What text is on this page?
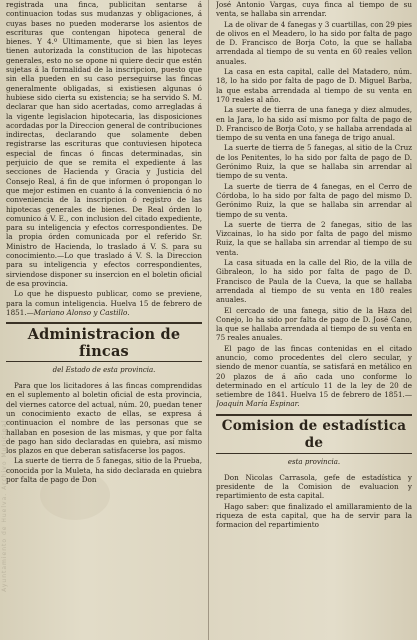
Ayuntamiento de Huelva. Archivo Municipal

registrada una finca, publicitan sentarse á continuacion todas sus mudanzas y obligaciones, á cuyas bases no pueden moderarse los asientos de escrituras que contengan hipoteca general de bienes. Y 4.º Ultimamente, que si bien las leyes tienen autorizada la constitucion de las hipotecas generales, esto no se opone ni quiere decir que estén sujetas á la formalidad de la inscripcion, puesto que sin ella pueden en su caso perseguirse las fincas generalmente obligadas, si existiesen algunas ó hubiese sido cierta su existencia; se ha servido S. M. declarar que han sido acertadas, como arregladas á la vigente legislacion hipotecaria, las disposiciones acordadas por la Direccion general de contribuciones indirectas, declarando que solamente deben registrarse las escrituras que contuviesen hipoteca especial de fincas ó fincas determinadas, sin perjuicio de que se remita el expediente á las secciones de Hacienda y Gracia y Justicia del Consejo Real, á fin de que informen ó propongan lo que mejor estimen en cuanto á la conveniencia ó no conveniencia de la inscripcion ó registro de las hipotecas generales de bienes. De Real órden lo comunico á V. E., con inclusion del citado expediente, para su inteligencia y efectos correspondientes. De la propia órden comunicada por el referido Sr. Ministro de Hacienda, lo traslado á V. S. para su conocimiento.—Lo que traslado á V. S. la Direccion para su inteligencia y efectos correspondientes, sirviendose disponer su insercion en el boletin oficial de esa provincia.

Lo que he dispuesto publicar, como se previene, para la comun inteligencia. Huelva 15 de febrero de 1851.—Mariano Alonso y Castillo.

Administracion de fincas
del Estado de esta provincia.

Para que los licitadores á las fincas comprendidas en el suplemento al boletin oficial de esta provincia, del viernes catorce del actual, núm. 20, puedan tener un conocimiento exacto de ellas, se expresa á continuacion el nombre de las personas que se hallaban en posesion de las mismas, y que por falta de pago han sido declaradas en quiebra, así mismo los plazos en que deberan satisfacerse los pagos.

La suerte de tierra de 5 fanegas, sitio de la Prueba, conocida por la Muleta, ha sido declarada en quiebra por falta de pago de Don

José Antonio Vargas, cuya finca al tiempo de su venta, se hallaba sin arrendar.

La de olivar de 4 fanegas y 3 cuartillas, con 29 pies de olivos en el Meadero, lo ha sido por falta de pago de D. Francisco de Borja Coto, la que se hallaba arrendada al tiempo de su venta en 60 reales vellon anuales.

La casa en esta capital, calle del Matadero, núm. 18, lo ha sido por falta de pago de D. Miguel Barba, la que estaba arrendada al tiempo de su venta en 170 reales al año.

La suerte de tierra de una fanega y diez almudes, en la Jara, lo ha sido así mismo por falta de pago de D. Francisco de Borja Coto, y se hallaba arrendada al tiempo de su venta en una fanega de trigo anual.

La suerte de tierra de 5 fanegas, al sitio de la Cruz de los Penitentes, lo ha sido por falta de pago de D. Gerónimo Ruiz, la que se hallaba sin arrendar al tiempo de su venta.

La suerte de tierra de 4 fanegas, en el Cerro de Córdoba, lo ha sido por falta de pago del mismo D. Gerónimo Ruiz, la que se hallaba sin arrendar al tiempo de su venta.

La suerte de tierra de 2 fanegas, sitio de las Vizcainas, lo ha sido por falta de pago del mismo Ruiz, la que se hallaba sin arrendar al tiempo de su venta.

La casa situada en la calle del Rio, de la villa de Gibraleon, lo ha sido por falta de pago de D. Francisco de Paula de la Cueva, la que se hallaba arrendada al tiempo de su venta en 180 reales anuales.

El cercado de una fanega, sitio de la Haza del Conejo, lo ha sido por falta de pago de D. José Cano, la que se hallaba arrendada al tiempo de su venta en 75 reales anuales.

El pago de las fincas contenidas en el citado anuncio, como procedentes del clero secular, y siendo de menor cuantía, se satisfará en metálico en 20 plazos de á año cada uno conforme lo determinado en el artículo 11 de la ley de 20 de setiembre de 1841. Huelva 15 de febrero de 1851.—Joaquin María Espinar.

Comision de estadística de
esta provincia.

Don Nicolas Carrasola, gefe de estadística y presidente de la Comision de evaluacion y repartimiento de esta capital.

Hago saber: que finalizado el amillaramiento de la riqueza de esta capital, que ha de servir para la formacion del repartimiento
